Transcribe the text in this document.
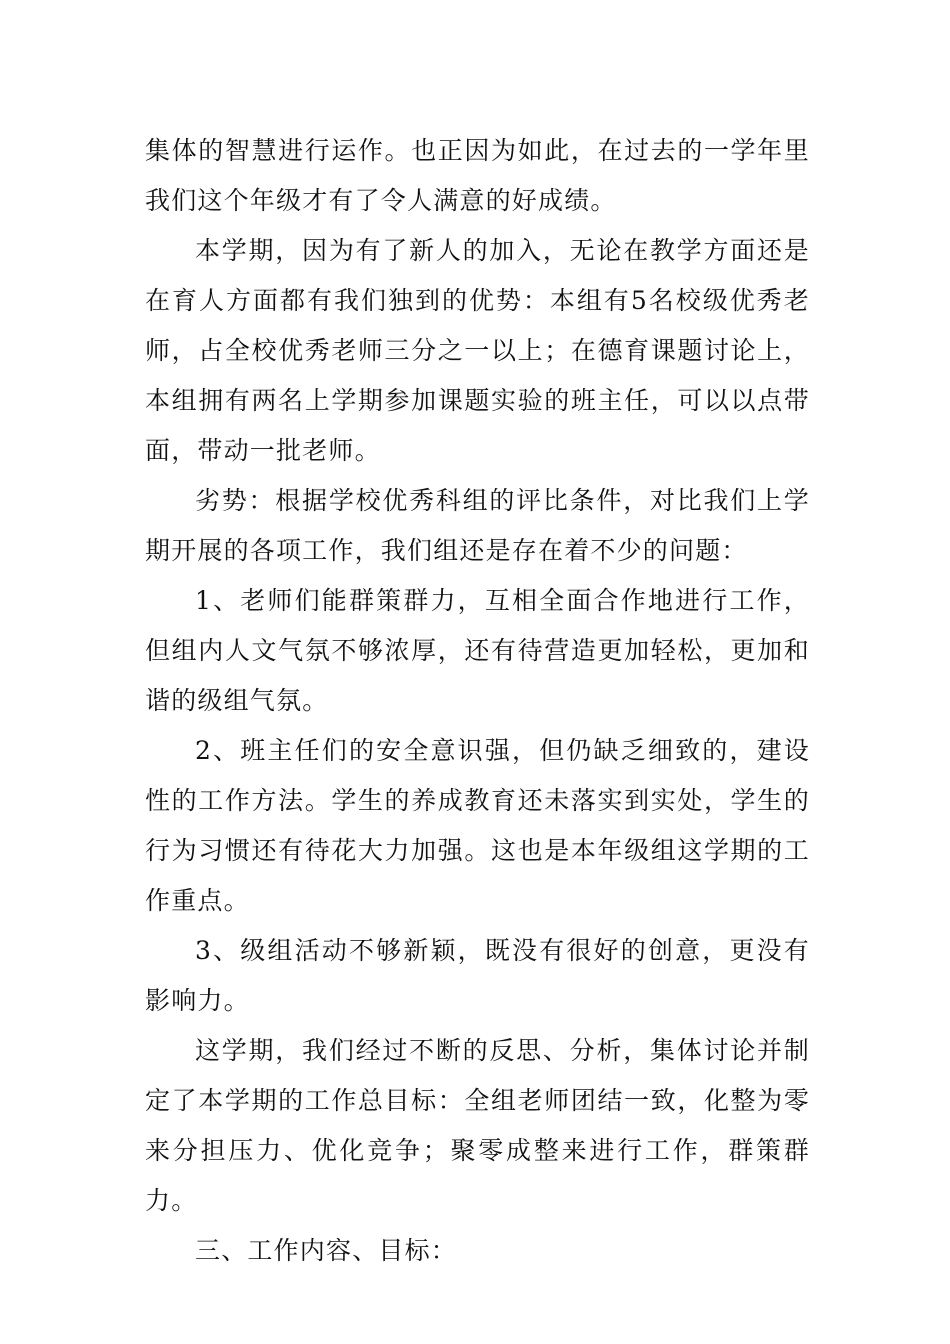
集体的智慧进行运作。也正因为如此，在过去的一学年里我们这个年级才有了令人满意的好成绩。

本学期，因为有了新人的加入，无论在教学方面还是在育人方面都有我们独到的优势：本组有5名校级优秀老师，占全校优秀老师三分之一以上；在德育课题讨论上，本组拥有两名上学期参加课题实验的班主任，可以以点带面，带动一批老师。

劣势：根据学校优秀科组的评比条件，对比我们上学期开展的各项工作，我们组还是存在着不少的问题：

1、老师们能群策群力，互相全面合作地进行工作，但组内人文气氛不够浓厚，还有待营造更加轻松，更加和谐的级组气氛。

2、班主任们的安全意识强，但仍缺乏细致的，建设性的工作方法。学生的养成教育还未落实到实处，学生的行为习惯还有待花大力加强。这也是本年级组这学期的工作重点。

3、级组活动不够新颖，既没有很好的创意，更没有影响力。

这学期，我们经过不断的反思、分析，集体讨论并制定了本学期的工作总目标：全组老师团结一致，化整为零来分担压力、优化竞争；聚零成整来进行工作，群策群力。

三、工作内容、目标：
